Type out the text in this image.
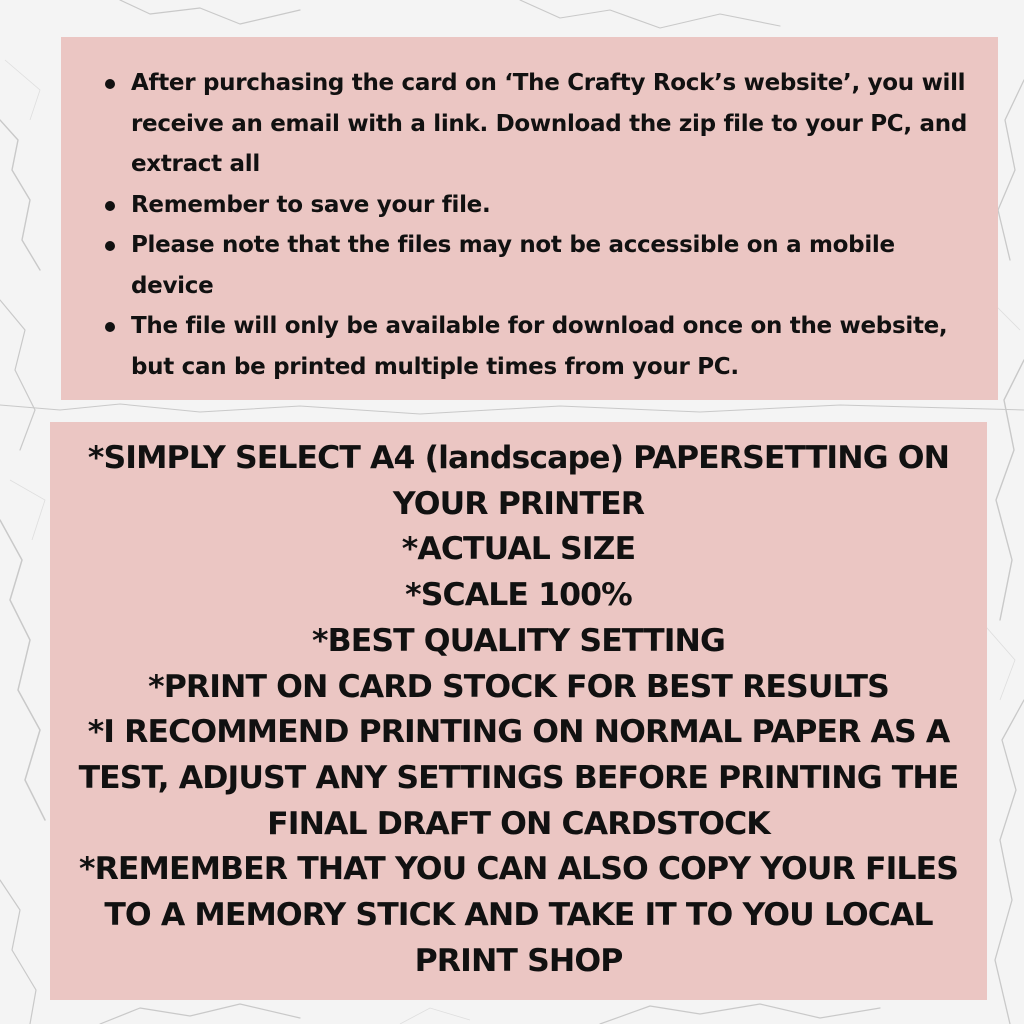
After purchasing the card on ‘The Crafty Rock’s website’, you will receive an email with a link. Download the zip file to your PC, and extract all
Remember to save your file.
Please note that the files may not be accessible on a mobile device
The file will only be available for download once on the website, but can be printed multiple times from your PC.
*SIMPLY SELECT A4 (landscape) PAPERSETTING ON
YOUR PRINTER
*ACTUAL SIZE
*SCALE 100%
*BEST QUALITY SETTING
*PRINT ON CARD STOCK FOR BEST RESULTS
*I RECOMMEND PRINTING ON NORMAL PAPER AS A
TEST, ADJUST ANY SETTINGS BEFORE PRINTING THE
FINAL DRAFT ON CARDSTOCK
*REMEMBER THAT YOU CAN ALSO COPY YOUR FILES
TO A MEMORY STICK AND TAKE IT TO YOU LOCAL
PRINT SHOP
